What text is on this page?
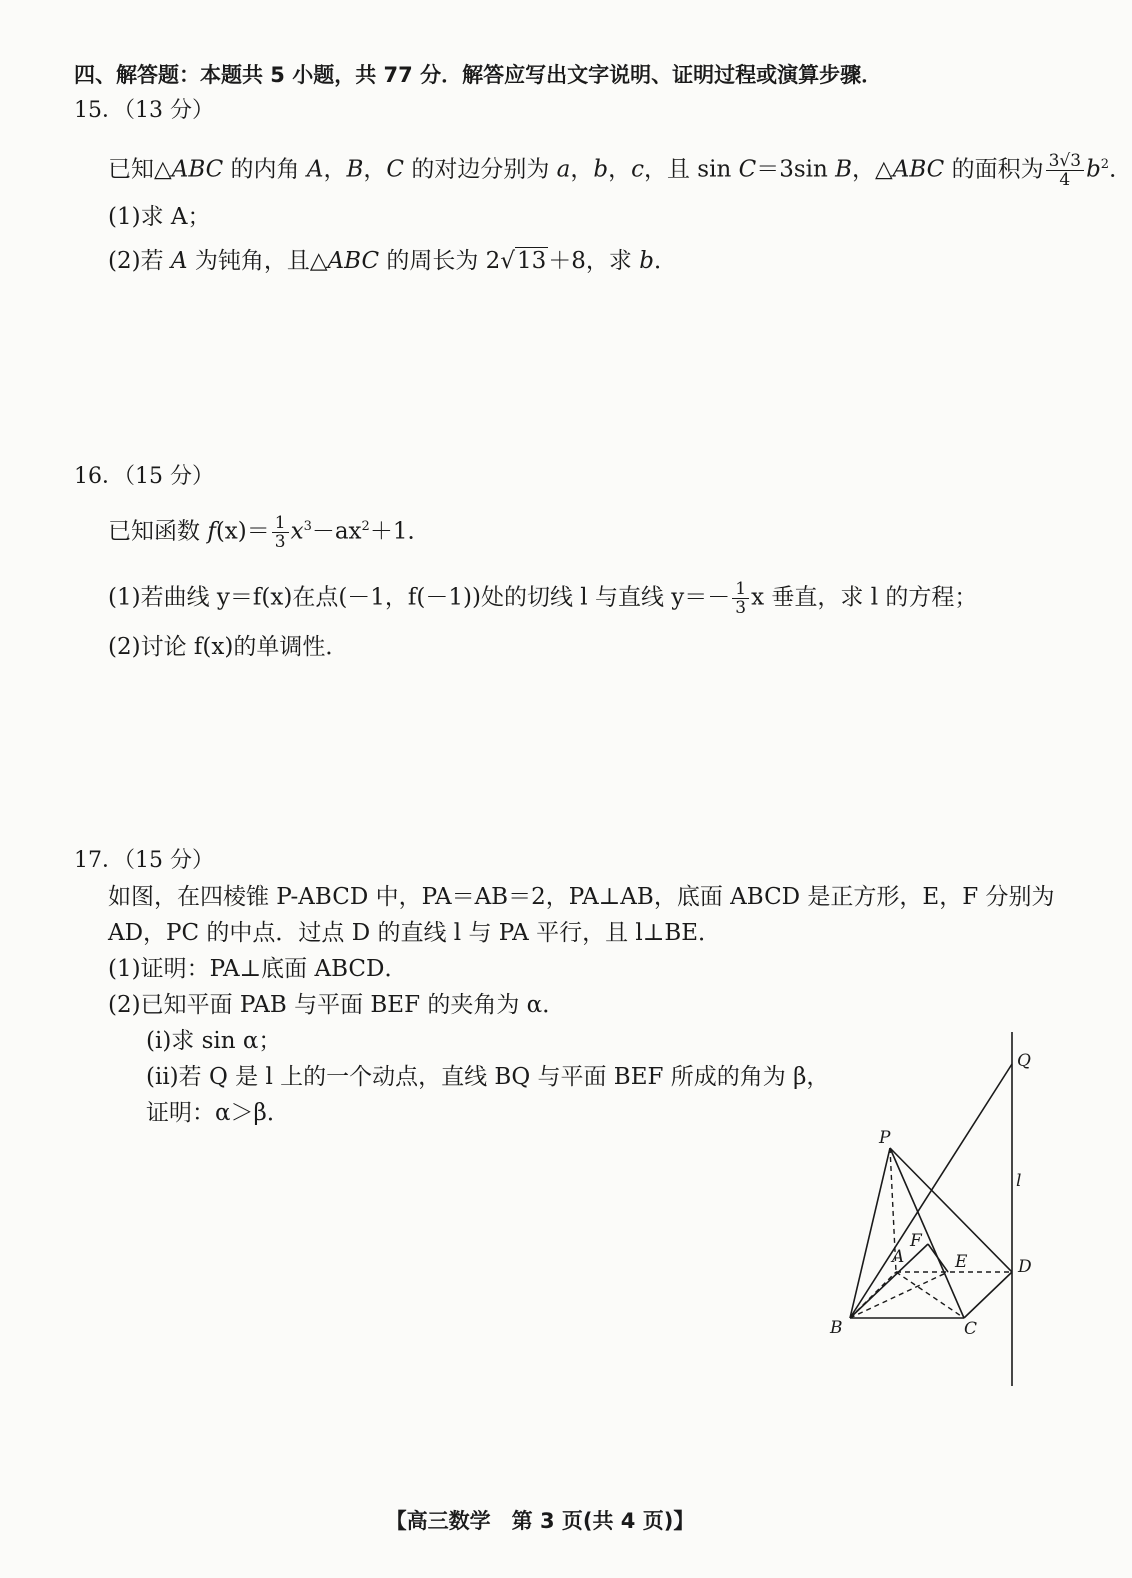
四、解答题：本题共 5 小题，共 77 分．解答应写出文字说明、证明过程或演算步骤．
15．（13 分）
已知△ABC 的内角 A，B，C 的对边分别为 a，b，c，且 sin C＝3sin B，△ABC 的面积为 $\frac{3√3}{4} b^2$．
(1)求 A；
(2)若 A 为钝角，且△ABC 的周长为 2√13＋8，求 b．
16．（15 分）
已知函数 $f(x)= \frac{1}{3} x^3-ax^2+1$．
(1)若曲线 y＝f(x)在点(－1，f(－1))处的切线 l 与直线 $y=- \frac{1}{3}$ x 垂直，求 l 的方程；
(2)讨论 f(x)的单调性．
17．（15 分）
如图，在四棱锥 P-ABCD 中，PA＝AB＝2，PA⊥AB，底面 ABCD 是正方形，E，F 分别为
AD，PC 的中点．过点 D 的直线 l 与 PA 平行，且 l⊥BE．
(1)证明：PA⊥底面 ABCD．
(2)已知平面 PAB 与平面 BEF 的夹角为 α．
(ⅰ)求 sin α；
(ⅱ)若 Q 是 l 上的一个动点，直线 BQ 与平面 BEF 所成的角为 β，
证明：α＞β．
P
Q
l
A
F
E	D
B	C
【高三数学　第 3 页(共 4 页)】
